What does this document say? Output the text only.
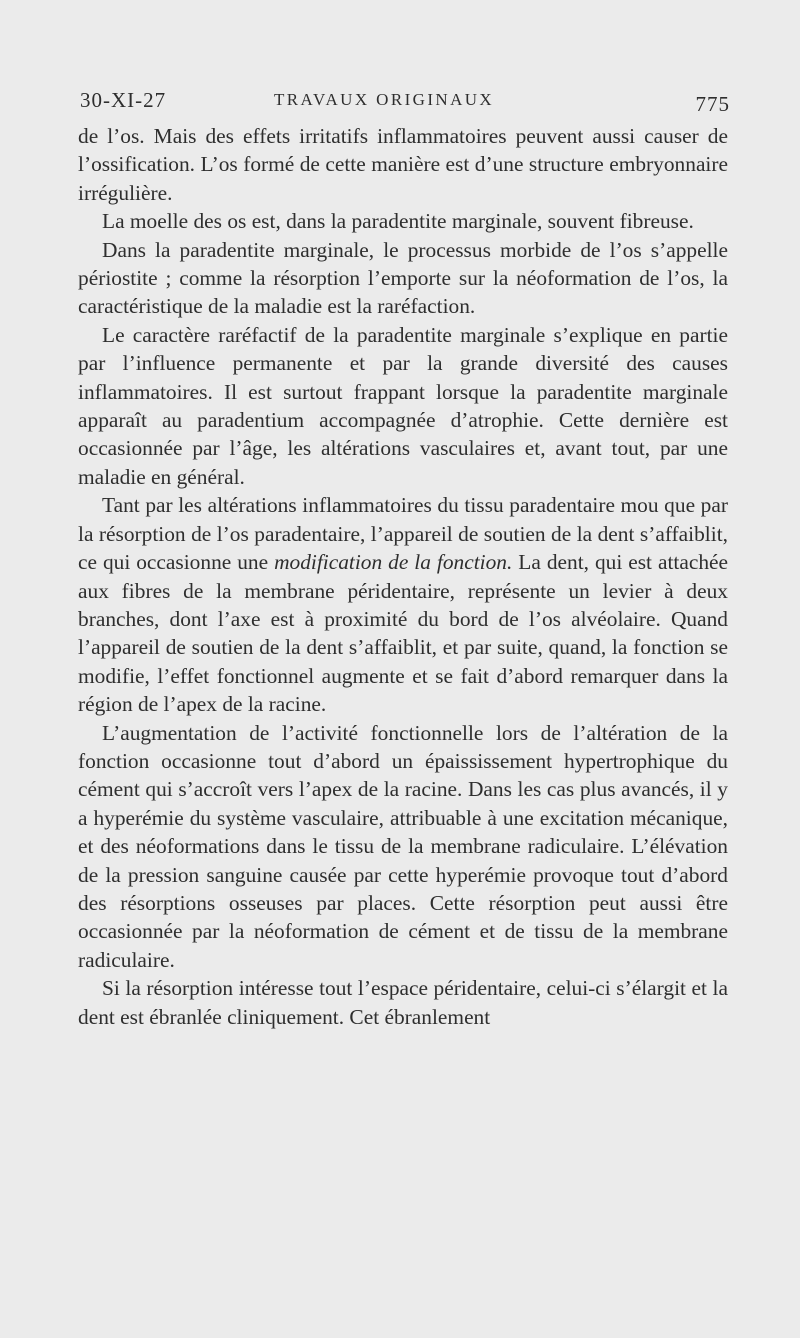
30-XI-27	TRAVAUX ORIGINAUX	775

de l’os. Mais des effets irritatifs inflammatoires peuvent aussi causer de l’ossification. L’os formé de cette manière est d’une structure embryonnaire irrégulière.

La moelle des os est, dans la paradentite marginale, souvent fibreuse.

Dans la paradentite marginale, le processus morbide de l’os s’appelle périostite ; comme la résorption l’emporte sur la néoformation de l’os, la caractéristique de la maladie est la raréfaction.

Le caractère raréfactif de la paradentite marginale s’explique en partie par l’influence permanente et par la grande diversité des causes inflammatoires. Il est surtout frappant lorsque la paradentite marginale apparaît au paradentium accompagnée d’atrophie. Cette dernière est occasionnée par l’âge, les altérations vasculaires et, avant tout, par une maladie en général.

Tant par les altérations inflammatoires du tissu paradentaire mou que par la résorption de l’os paradentaire, l’appareil de soutien de la dent s’affaiblit, ce qui occasionne une modification de la fonction. La dent, qui est attachée aux fibres de la membrane péridentaire, représente un levier à deux branches, dont l’axe est à proximité du bord de l’os alvéolaire. Quand l’appareil de soutien de la dent s’affaiblit, et par suite, quand, la fonction se modifie, l’effet fonctionnel augmente et se fait d’abord remarquer dans la région de l’apex de la racine.

L’augmentation de l’activité fonctionnelle lors de l’altération de la fonction occasionne tout d’abord un épaississement hypertrophique du cément qui s’accroît vers l’apex de la racine. Dans les cas plus avancés, il y a hyperémie du système vasculaire, attribuable à une excitation mécanique, et des néoformations dans le tissu de la membrane radiculaire. L’élévation de la pression sanguine causée par cette hyperémie provoque tout d’abord des résorptions osseuses par places. Cette résorption peut aussi être occasionnée par la néoformation de cément et de tissu de la membrane radiculaire.

Si la résorption intéresse tout l’espace péridentaire, celui-ci s’élargit et la dent est ébranlée cliniquement. Cet ébranlement
